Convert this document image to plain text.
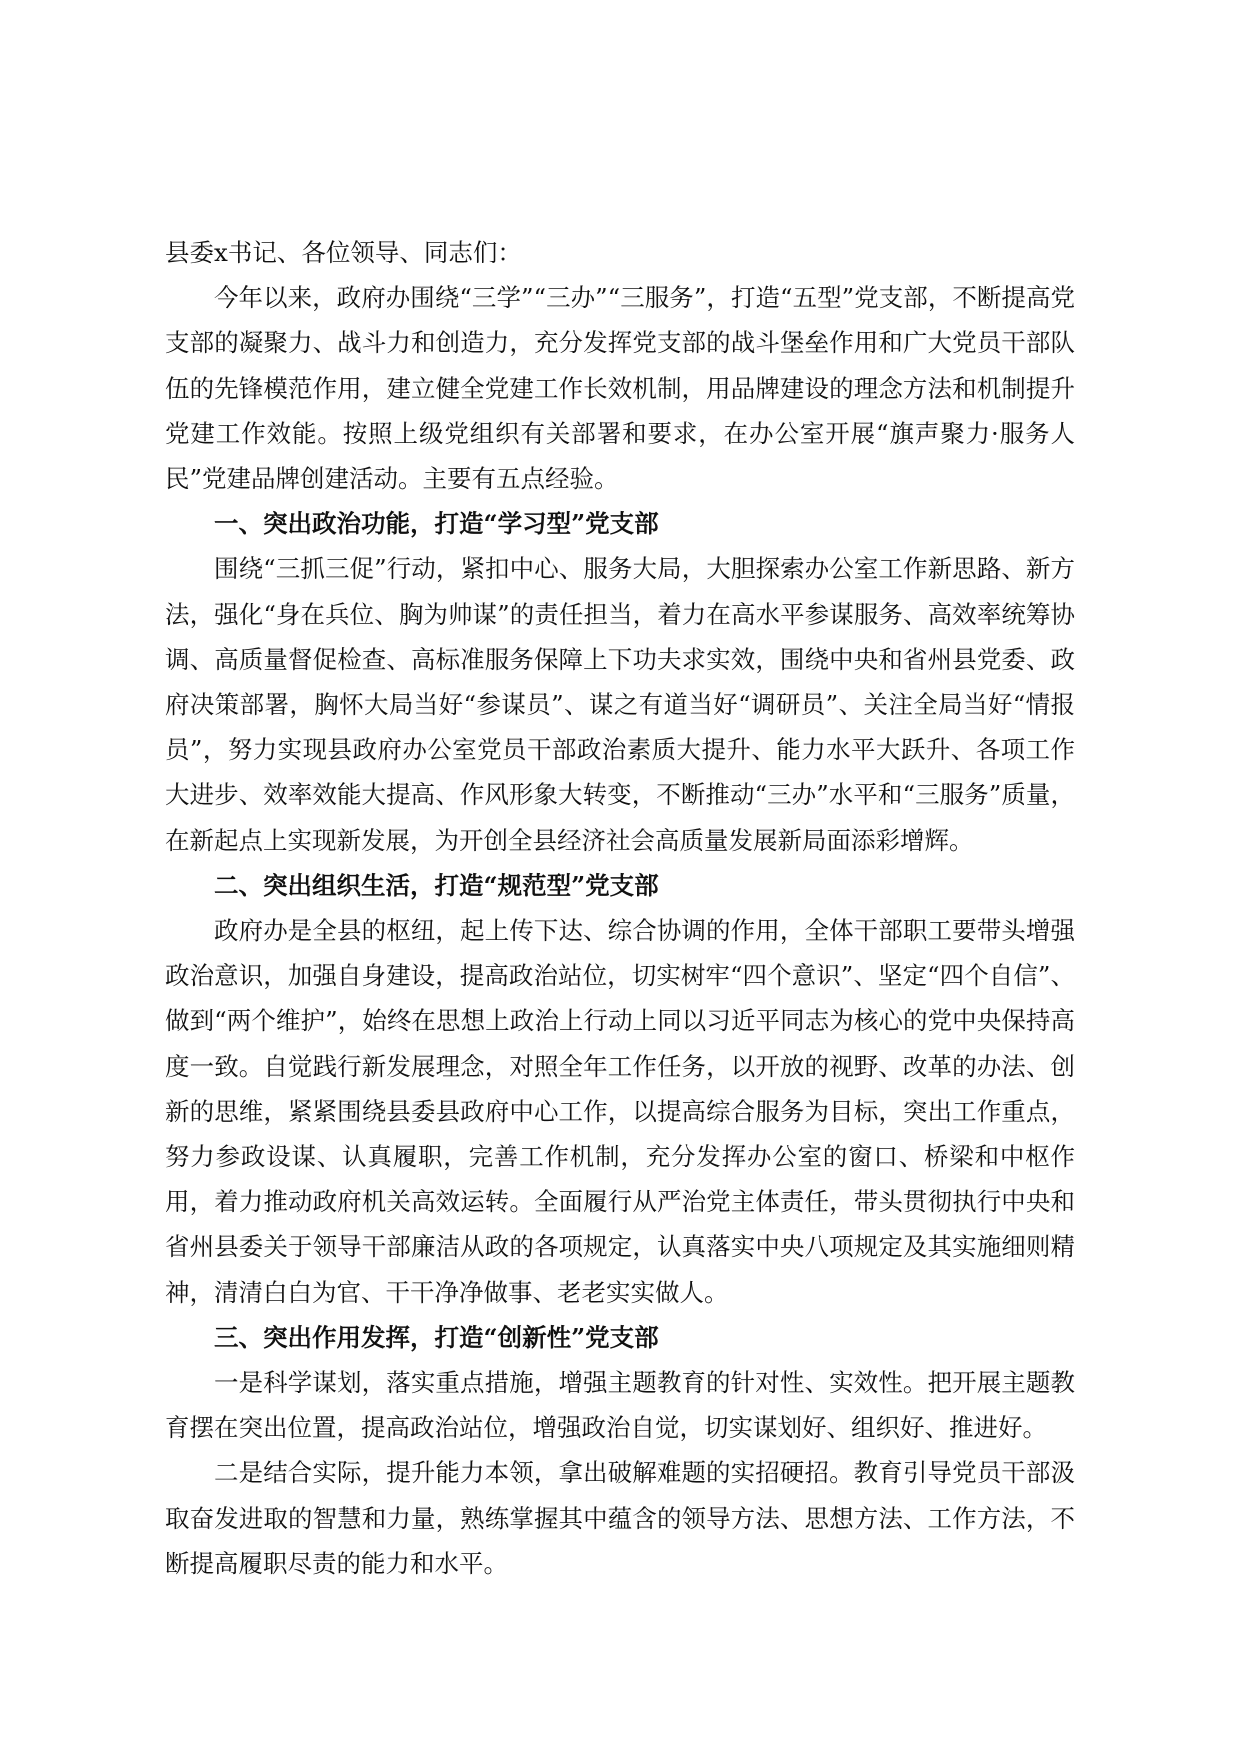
县委x书记、各位领导、同志们：

今年以来，政府办围绕“三学”“三办”“三服务”，打造“五型”党支部，不断提高党支部的凝聚力、战斗力和创造力，充分发挥党支部的战斗堡垒作用和广大党员干部队伍的先锋模范作用，建立健全党建工作长效机制，用品牌建设的理念方法和机制提升党建工作效能。按照上级党组织有关部署和要求，在办公室开展“旗声聚力·服务人民”党建品牌创建活动。主要有五点经验。

一、突出政治功能，打造“学习型”党支部

围绕“三抓三促”行动，紧扣中心、服务大局，大胆探索办公室工作新思路、新方法，强化“身在兵位、胸为帅谋”的责任担当，着力在高水平参谋服务、高效率统筹协调、高质量督促检查、高标准服务保障上下功夫求实效，围绕中央和省州县党委、政府决策部署，胸怀大局当好“参谋员”、谋之有道当好“调研员”、关注全局当好“情报员”，努力实现县政府办公室党员干部政治素质大提升、能力水平大跃升、各项工作大进步、效率效能大提高、作风形象大转变，不断推动“三办”水平和“三服务”质量，在新起点上实现新发展，为开创全县经济社会高质量发展新局面添彩增辉。

二、突出组织生活，打造“规范型”党支部

政府办是全县的枢纽，起上传下达、综合协调的作用，全体干部职工要带头增强政治意识，加强自身建设，提高政治站位，切实树牢“四个意识”、坚定“四个自信”、做到“两个维护”，始终在思想上政治上行动上同以习近平同志为核心的党中央保持高度一致。自觉践行新发展理念，对照全年工作任务，以开放的视野、改革的办法、创新的思维，紧紧围绕县委县政府中心工作，以提高综合服务为目标，突出工作重点，努力参政设谋、认真履职，完善工作机制，充分发挥办公室的窗口、桥梁和中枢作用，着力推动政府机关高效运转。全面履行从严治党主体责任，带头贯彻执行中央和省州县委关于领导干部廉洁从政的各项规定，认真落实中央八项规定及其实施细则精神，清清白白为官、干干净净做事、老老实实做人。

三、突出作用发挥，打造“创新性”党支部

一是科学谋划，落实重点措施，增强主题教育的针对性、实效性。把开展主题教育摆在突出位置，提高政治站位，增强政治自觉，切实谋划好、组织好、推进好。

二是结合实际，提升能力本领，拿出破解难题的实招硬招。教育引导党员干部汲取奋发进取的智慧和力量，熟练掌握其中蕴含的领导方法、思想方法、工作方法，不断提高履职尽责的能力和水平。
